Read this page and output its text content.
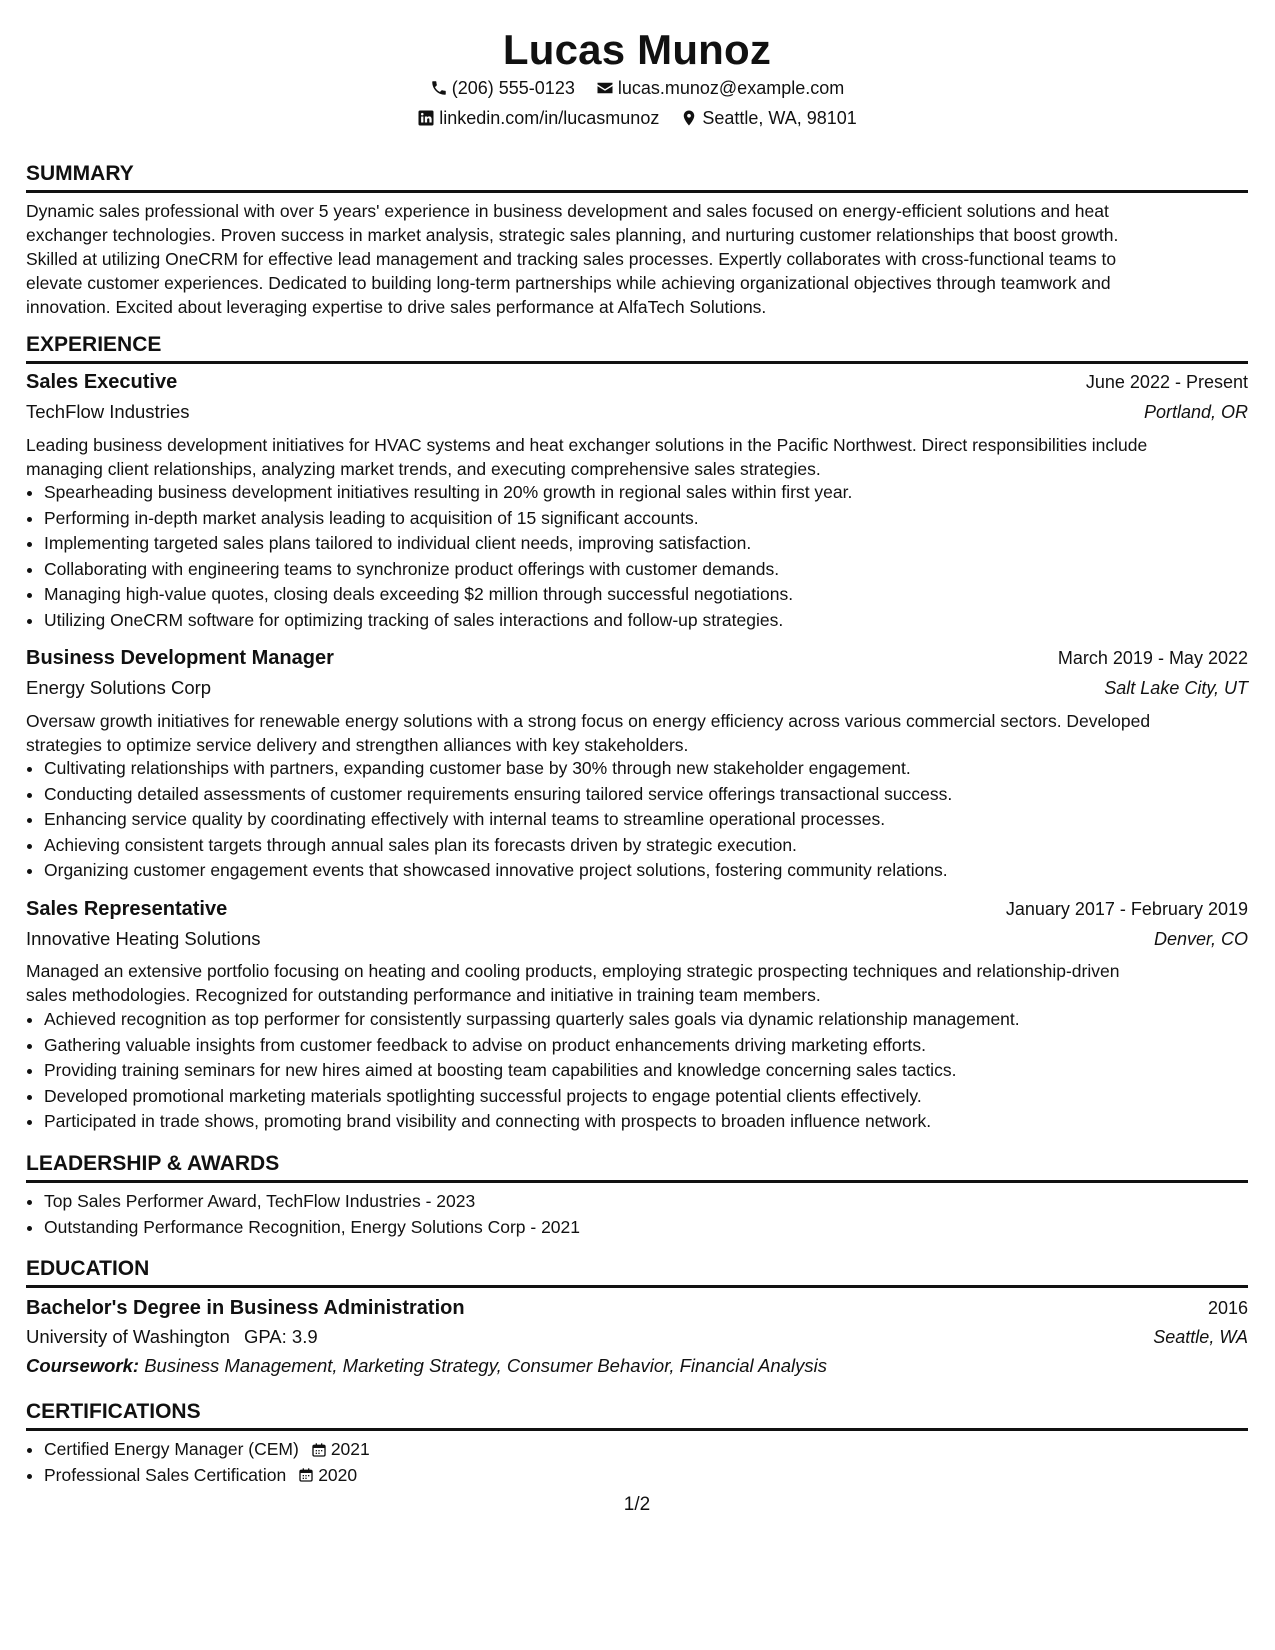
Lucas Munoz
(206) 555-0123
lucas.munoz@example.com
linkedin.com/in/lucasmunoz
Seattle, WA, 98101
SUMMARY
Dynamic sales professional with over 5 years' experience in business development and sales focused on energy-efficient solutions and heat
exchanger technologies. Proven success in market analysis, strategic sales planning, and nurturing customer relationships that boost growth.
Skilled at utilizing OneCRM for effective lead management and tracking sales processes. Expertly collaborates with cross-functional teams to
elevate customer experiences. Dedicated to building long-term partnerships while achieving organizational objectives through teamwork and
innovation. Excited about leveraging expertise to drive sales performance at AlfaTech Solutions.
EXPERIENCE
Sales Executive	June 2022 - Present
TechFlow Industries	Portland, OR
Leading business development initiatives for HVAC systems and heat exchanger solutions in the Pacific Northwest. Direct responsibilities include
managing client relationships, analyzing market trends, and executing comprehensive sales strategies.
• Spearheading business development initiatives resulting in 20% growth in regional sales within first year.
• Performing in-depth market analysis leading to acquisition of 15 significant accounts.
• Implementing targeted sales plans tailored to individual client needs, improving satisfaction.
• Collaborating with engineering teams to synchronize product offerings with customer demands.
• Managing high-value quotes, closing deals exceeding $2 million through successful negotiations.
• Utilizing OneCRM software for optimizing tracking of sales interactions and follow-up strategies.
Business Development Manager	March 2019 - May 2022
Energy Solutions Corp	Salt Lake City, UT
Oversaw growth initiatives for renewable energy solutions with a strong focus on energy efficiency across various commercial sectors. Developed
strategies to optimize service delivery and strengthen alliances with key stakeholders.
• Cultivating relationships with partners, expanding customer base by 30% through new stakeholder engagement.
• Conducting detailed assessments of customer requirements ensuring tailored service offerings transactional success.
• Enhancing service quality by coordinating effectively with internal teams to streamline operational processes.
• Achieving consistent targets through annual sales plan its forecasts driven by strategic execution.
• Organizing customer engagement events that showcased innovative project solutions, fostering community relations.
Sales Representative	January 2017 - February 2019
Innovative Heating Solutions	Denver, CO
Managed an extensive portfolio focusing on heating and cooling products, employing strategic prospecting techniques and relationship-driven
sales methodologies. Recognized for outstanding performance and initiative in training team members.
• Achieved recognition as top performer for consistently surpassing quarterly sales goals via dynamic relationship management.
• Gathering valuable insights from customer feedback to advise on product enhancements driving marketing efforts.
• Providing training seminars for new hires aimed at boosting team capabilities and knowledge concerning sales tactics.
• Developed promotional marketing materials spotlighting successful projects to engage potential clients effectively.
• Participated in trade shows, promoting brand visibility and connecting with prospects to broaden influence network.
LEADERSHIP & AWARDS
• Top Sales Performer Award, TechFlow Industries - 2023
• Outstanding Performance Recognition, Energy Solutions Corp - 2021
EDUCATION
Bachelor's Degree in Business Administration	2016
University of Washington GPA: 3.9	Seattle, WA
Coursework: Business Management, Marketing Strategy, Consumer Behavior, Financial Analysis
CERTIFICATIONS
• Certified Energy Manager (CEM) 2021
• Professional Sales Certification 2020
1/2
